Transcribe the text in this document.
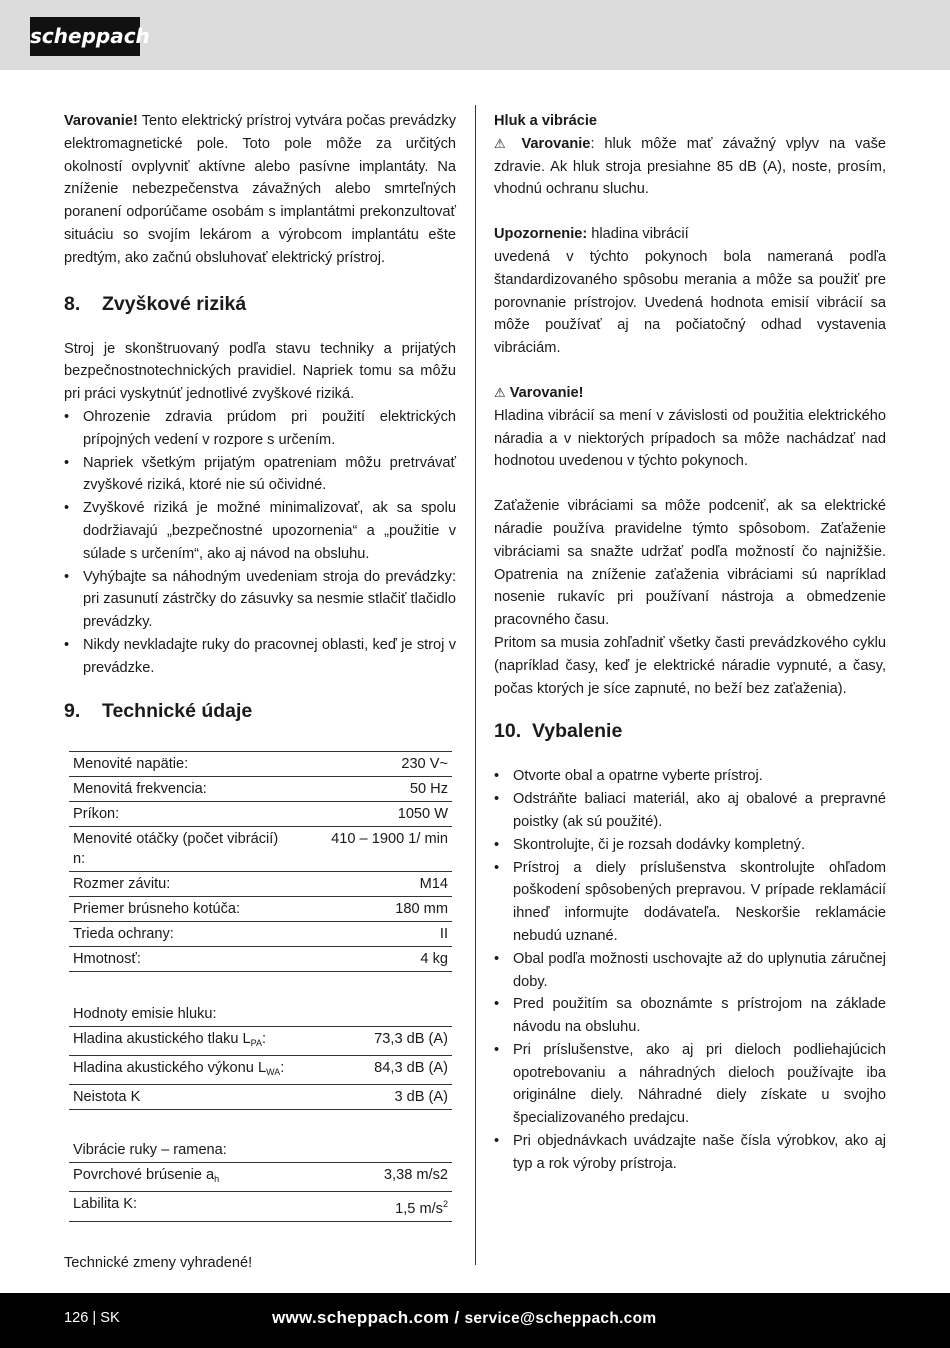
scheppach

Varovanie! Tento elektrický prístroj vytvára počas prevádzky elektromagnetické pole. Toto pole môže za určitých okolností ovplyvniť aktívne alebo pasívne implantáty. Na zníženie nebezpečenstva závažných alebo smrteľných poranení odporúčame osobám s implantátmi prekonzultovať situáciu so svojím lekárom a výrobcom implantátu ešte predtým, ako začnú obsluhovať elektrický prístroj.

8. Zvyškové riziká

Stroj je skonštruovaný podľa stavu techniky a prijatých bezpečnostnotechnických pravidiel. Napriek tomu sa môžu pri práci vyskytnúť jednotlivé zvyškové riziká.

• Ohrozenie zdravia prúdom pri použití elektrických prípojných vedení v rozpore s určením.
• Napriek všetkým prijatým opatreniam môžu pretrvávať zvyškové riziká, ktoré nie sú očividné.
• Zvyškové riziká je možné minimalizovať, ak sa spolu dodržiavajú „bezpečnostné upozornenia“ a „použitie v súlade s určením“, ako aj návod na obsluhu.
• Vyhýbajte sa náhodným uvedeniam stroja do prevádzky: pri zasunutí zástrčky do zásuvky sa nesmie stlačiť tlačidlo prevádzky.
• Nikdy nevkladajte ruky do pracovnej oblasti, keď je stroj v prevádzke.
9. Technické údaje
Menovité napätie:	230 V~
Menovitá frekvencia:	50 Hz
Príkon:	1050 W
Menovité otáčky (počet vibrácií) n:	410 – 1900 1/ min
Rozmer závitu:	M14
Priemer brúsneho kotúča:	180 mm
Trieda ochrany:	II
Hmotnosť:	4 kg
Hodnoty emisie hluku:	
Hladina akustického tlaku $L_{PA}$:	73,3 dB (A)
Hladina akustického výkonu $L_{WA}$:	84,3 dB (A)
Neistota K	3 dB (A)
Vibrácie ruky – ramena:	
Povrchové brúsenie $a_h$	3,38 m/s2
Labilita K:	1,5 $m/s^2$

Technické zmeny vyhradené!

Hluk a vibrácie

⚠ Varovanie: hluk môže mať závažný vplyv na vaše zdravie. Ak hluk stroja presiahne 85 dB (A), noste, prosím, vhodnú ochranu sluchu.

Upozornenie: hladina vibrácií

uvedená v týchto pokynoch bola nameraná podľa štandardizovaného spôsobu merania a môže sa použiť pre porovnanie prístrojov. Uvedená hodnota emisií vibrácií sa môže používať aj na počiatočný odhad vystavenia vibráciám.

⚠ Varovanie!

Hladina vibrácií sa mení v závislosti od použitia elektrického náradia a v niektorých prípadoch sa môže nachádzať nad hodnotou uvedenou v týchto pokynoch.

Zaťaženie vibráciami sa môže podceniť, ak sa elektrické náradie používa pravidelne týmto spôsobom. Zaťaženie vibráciami sa snažte udržať podľa možností čo najnižšie. Opatrenia na zníženie zaťaženia vibráciami sú napríklad nosenie rukavíc pri používaní nástroja a obmedzenie pracovného času.

Pritom sa musia zohľadniť všetky časti prevádzkového cyklu (napríklad časy, keď je elektrické náradie vypnuté, a časy, počas ktorých je síce zapnuté, no beží bez zaťaženia).

10. Vybalenie
• Otvorte obal a opatrne vyberte prístroj.
• Odstráňte baliaci materiál, ako aj obalové a prepravné poistky (ak sú použité).
• Skontrolujte, či je rozsah dodávky kompletný.
• Prístroj a diely príslušenstva skontrolujte ohľadom poškodení spôsobených prepravou. V prípade reklamácií ihneď informujte dodávateľa. Neskoršie reklamácie nebudú uznané.
• Obal podľa možnosti uschovajte až do uplynutia záručnej doby.
• Pred použitím sa oboznámte s prístrojom na základe návodu na obsluhu.
• Pri príslušenstve, ako aj pri dieloch podliehajúcich opotrebovaniu a náhradných dieloch používajte iba originálne diely. Náhradné diely získate u svojho špecializovaného predajcu.
• Pri objednávkach uvádzajte naše čísla výrobkov, ako aj typ a rok výroby prístroja.
126 | SK	www.scheppach.com / service@scheppach.com
